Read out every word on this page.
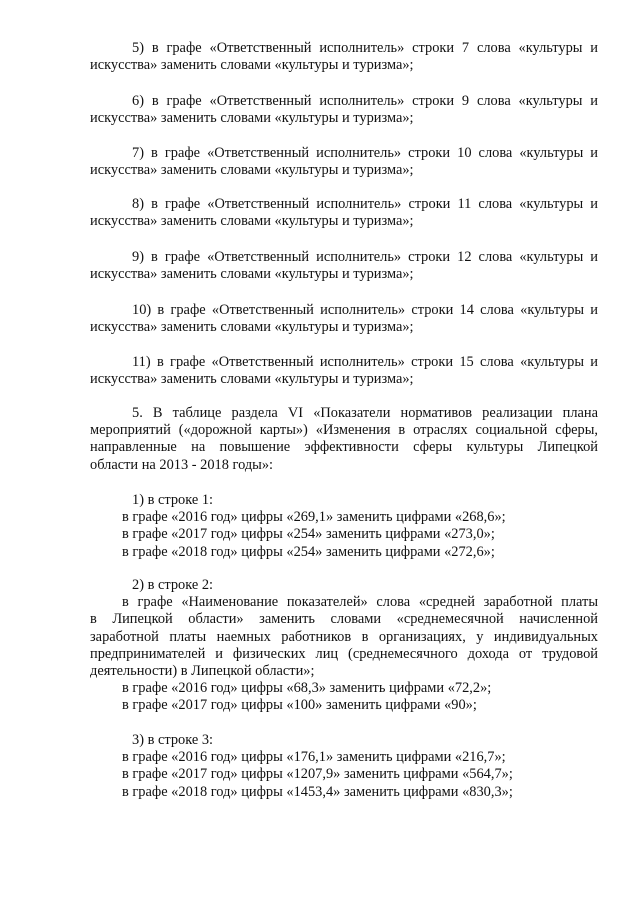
5) в графе «Ответственный исполнитель» строки 7 слова «культуры и
искусства» заменить словами «культуры и туризма»;
6) в графе «Ответственный исполнитель» строки 9 слова «культуры и
искусства» заменить словами «культуры и туризма»;
7) в графе «Ответственный исполнитель» строки 10 слова «культуры и
искусства» заменить словами «культуры и туризма»;
8) в графе «Ответственный исполнитель» строки 11 слова «культуры и
искусства» заменить словами «культуры и туризма»;
9) в графе «Ответственный исполнитель» строки 12 слова «культуры и
искусства» заменить словами «культуры и туризма»;
10) в графе «Ответственный исполнитель» строки 14 слова «культуры и
искусства» заменить словами «культуры и туризма»;
11) в графе «Ответственный исполнитель» строки 15 слова «культуры и
искусства» заменить словами «культуры и туризма»;
5. В таблице раздела VI «Показатели нормативов реализации плана
мероприятий («дорожной карты») «Изменения в отраслях социальной сферы,
направленные на повышение эффективности сферы культуры Липецкой
области на 2013 - 2018 годы»:
1) в строке 1:
в графе «2016 год» цифры «269,1» заменить цифрами «268,6»;
в графе «2017 год» цифры «254» заменить цифрами «273,0»;
в графе «2018 год» цифры «254» заменить цифрами «272,6»;
2) в строке 2:
в графе «Наименование показателей» слова «средней заработной платы
в Липецкой области» заменить словами «среднемесячной начисленной
заработной платы наемных работников в организациях, у индивидуальных
предпринимателей и физических лиц (среднемесячного дохода от трудовой
деятельности) в Липецкой области»;
в графе «2016 год» цифры «68,3» заменить цифрами «72,2»;
в графе «2017 год» цифры «100» заменить цифрами «90»;
3) в строке 3:
в графе «2016 год» цифры «176,1» заменить цифрами «216,7»;
в графе «2017 год» цифры «1207,9» заменить цифрами «564,7»;
в графе «2018 год» цифры «1453,4» заменить цифрами «830,3»;
